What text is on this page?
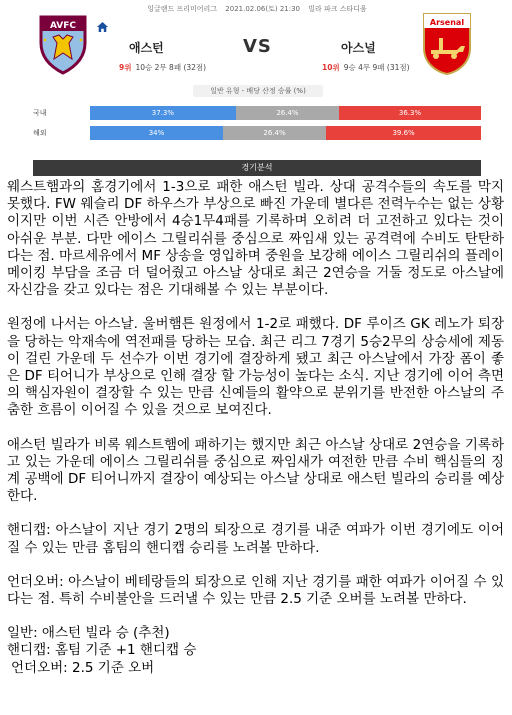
잉글랜드 프리미어리그 2021.02.06(토) 21:30 빌라 파크 스타디움
AVFC
애스턴	VS	아스널
9위 10승 2무 8패 (32점)	10위 9승 4무 9패 (31점)
Arsenal
일반 유형 - 배당 산정 승률 (%)
국내	37.3%	26.4%	36.3%
해외	34%	26.4%	39.6%
경기분석

웨스트햄과의 홈경기에서 1-3으로 패한 애스턴 빌라. 상대 공격수들의 속도를 막지 못했다. FW 웨슬리 DF 하우스가 부상으로 빠진 가운데 별다른 전력누수는 없는 상황이지만 이번 시즌 안방에서 4승1무4패를 기록하며 오히려 더 고전하고 있다는 것이 아쉬운 부분. 다만 에이스 그릴리쉬를 중심으로 짜임새 있는 공격력에 수비도 탄탄하다는 점. 마르세유에서 MF 상송을 영입하며 중원을 보강해 에이스 그릴리쉬의 플레이메이킹 부담을 조금 더 덜어줬고 아스날 상대로 최근 2연승을 거둘 정도로 아스날에 자신감을 갖고 있다는 점은 기대해볼 수 있는 부분이다.

원정에 나서는 아스날. 울버햄튼 원정에서 1-2로 패했다. DF 루이즈 GK 레노가 퇴장을 당하는 악재속에 역전패를 당하는 모습. 최근 리그 7경기 5승2무의 상승세에 제동이 걸린 가운데 두 선수가 이번 경기에 결장하게 됐고 최근 아스날에서 가장 폼이 좋은 DF 티어니가 부상으로 인해 결장 할 가능성이 높다는 소식. 지난 경기에 이어 측면의 핵심자원이 결장할 수 있는 만큼 신예들의 활약으로 분위기를 반전한 아스날의 주춤한 흐름이 이어질 수 있을 것으로 보여진다.

애스턴 빌라가 비록 웨스트햄에 패하기는 했지만 최근 아스날 상대로 2연승을 기록하고 있는 가운데 에이스 그릴리쉬를 중심으로 짜임새가 여전한 만큼 수비 핵심들의 징계 공백에 DF 티어니까지 결장이 예상되는 아스날 상대로 애스턴 빌라의 승리를 예상한다.

핸디캡: 아스날이 지난 경기 2명의 퇴장으로 경기를 내준 여파가 이번 경기에도 이어질 수 있는 만큼 홈팀의 핸디캡 승리를 노려볼 만하다.

언더오버: 아스날이 베테랑들의 퇴장으로 인해 지난 경기를 패한 여파가 이어질 수 있다는 점. 특히 수비불안을 드러낼 수 있는 만큼 2.5 기준 오버를 노려볼 만하다.

일반: 애스턴 빌라 승 (추천)

핸디캡: 홈팀 기준 +1 핸디캡 승

언더오버: 2.5 기준 오버
